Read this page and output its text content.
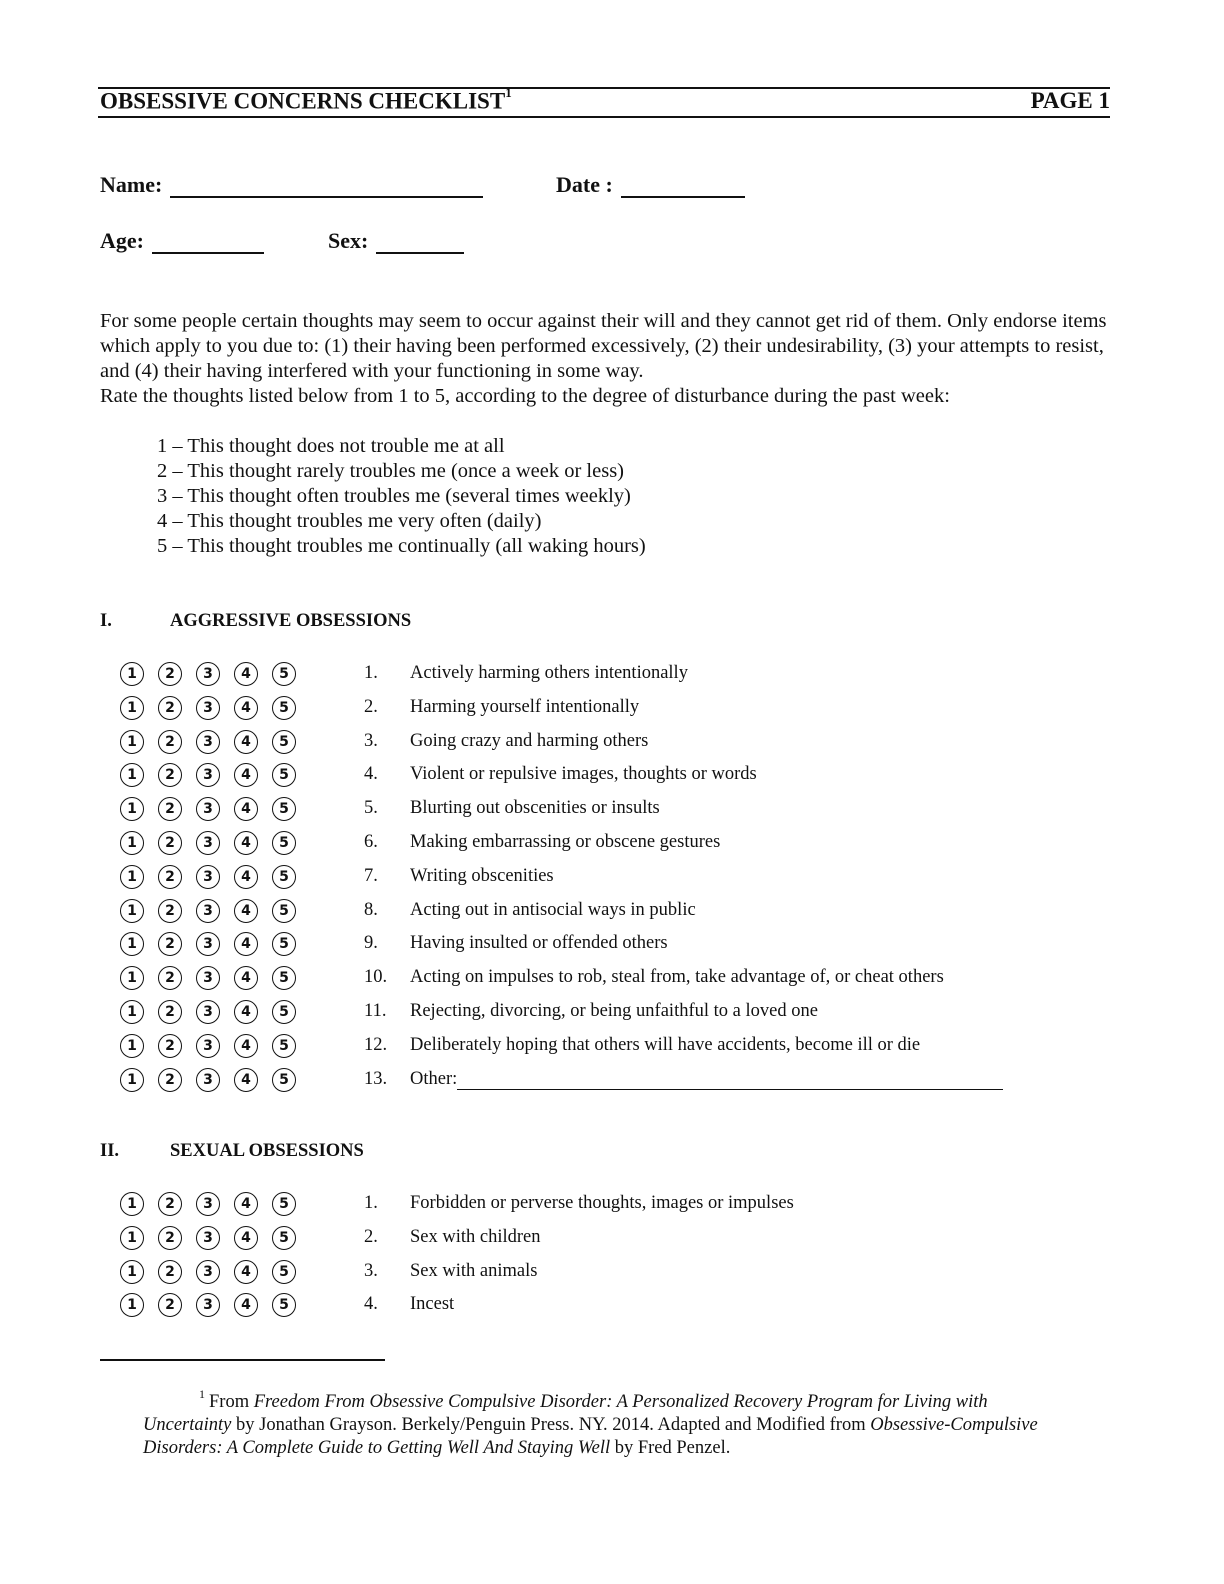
OBSESSIVE CONCERNS CHECKLIST$^1$	PAGE 1
Name:	Date :
Age:	Sex:

For some people certain thoughts may seem to occur against their will and they cannot get rid of them. Only endorse items which apply to you due to: (1) their having been performed excessively, (2) their undesirability, (3) your attempts to resist, and (4) their having interfered with your functioning in some way.

Rate the thoughts listed below from 1 to 5, according to the degree of disturbance during the past week:

1 – This thought does not trouble me at all
2 – This thought rarely troubles me (once a week or less)
3 – This thought often troubles me (several times weekly)
4 – This thought troubles me very often (daily)
5 – This thought troubles me continually (all waking hours)
I.	AGGRESSIVE OBSESSIONS
1	2	3	4	5	1. Actively harming others intentionally
1	2	3	4	5	2. Harming yourself intentionally
1	2	3	4	5	3. Going crazy and harming others
1	2	3	4	5	4. Violent or repulsive images, thoughts or words
1	2	3	4	5	5. Blurting out obscenities or insults
1	2	3	4	5	6. Making embarrassing or obscene gestures
1	2	3	4	5	7. Writing obscenities
1	2	3	4	5	8. Acting out in antisocial ways in public
1	2	3	4	5	9. Having insulted or offended others
1	2	3	4	5	10. Acting on impulses to rob, steal from, take advantage of, or cheat others
1	2	3	4	5	11. Rejecting, divorcing, or being unfaithful to a loved one
1	2	3	4	5	12. Deliberately hoping that others will have accidents, become ill or die
1	2	3	4	5	13. Other:
II.	SEXUAL OBSESSIONS
1	2	3	4	5	1. Forbidden or perverse thoughts, images or impulses
1	2	3	4	5	2. Sex with children
1	2	3	4	5	3. Sex with animals
1	2	3	4	5	4. Incest
$^1$ From Freedom From Obsessive Compulsive Disorder: A Personalized Recovery Program for Living with Uncertainty by Jonathan Grayson. Berkely/Penguin Press. NY. 2014. Adapted and Modified from Obsessive-Compulsive Disorders: A Complete Guide to Getting Well And Staying Well by Fred Penzel.
